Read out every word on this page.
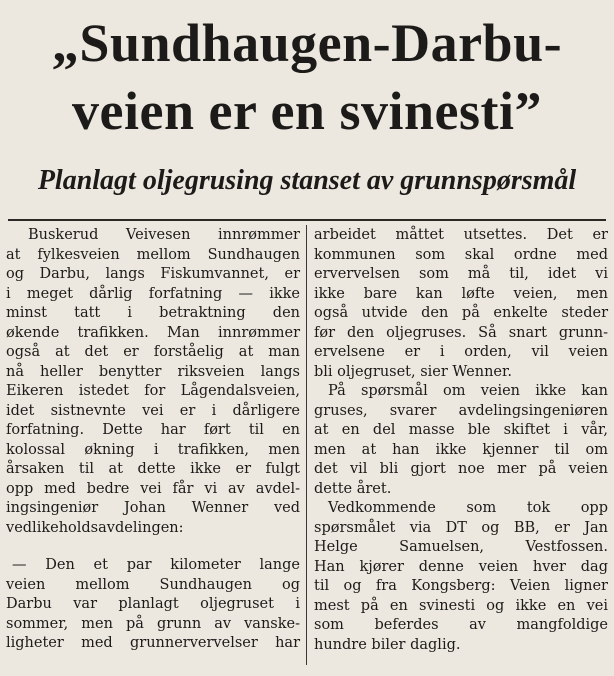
„Sundhaugen-Darbu-
veien er en svinesti”
Planlagt oljegrusing stanset av grunnspørsmål

Buskerud Veivesen innrømmer

at fylkesveien mellom Sundhaugen

og Darbu, langs Fiskumvannet, er

i meget dårlig forfatning — ikke

minst tatt i betraktning den

økende trafikken. Man innrømmer

også at det er forståelig at man

nå heller benytter riksveien langs

Eikeren istedet for Lågendalsveien,

idet sistnevnte vei er i dårligere

forfatning. Dette har ført til en

kolossal økning i trafikken, men

årsaken til at dette ikke er fulgt

opp med bedre vei får vi av avdel-

ingsingeniør Johan Wenner ved

vedlikeholdsavdelingen:

— Den et par kilometer lange

veien mellom Sundhaugen og

Darbu var planlagt oljegruset i

sommer, men på grunn av vanske-

ligheter med grunnervervelser har

arbeidet måttet utsettes. Det er

kommunen som skal ordne med

ervervelsen som må til, idet vi

ikke bare kan løfte veien, men

også utvide den på enkelte steder

før den oljegruses. Så snart grunn-

ervelsene er i orden, vil veien

bli oljegruset, sier Wenner.

På spørsmål om veien ikke kan

gruses, svarer avdelingsingeniøren

at en del masse ble skiftet i vår,

men at han ikke kjenner til om

det vil bli gjort noe mer på veien

dette året.

Vedkommende som tok opp

spørsmålet via DT og BB, er Jan

Helge Samuelsen, Vestfossen.

Han kjører denne veien hver dag

til og fra Kongsberg: Veien ligner

mest på en svinesti og ikke en vei

som beferdes av mangfoldige

hundre biler daglig.
